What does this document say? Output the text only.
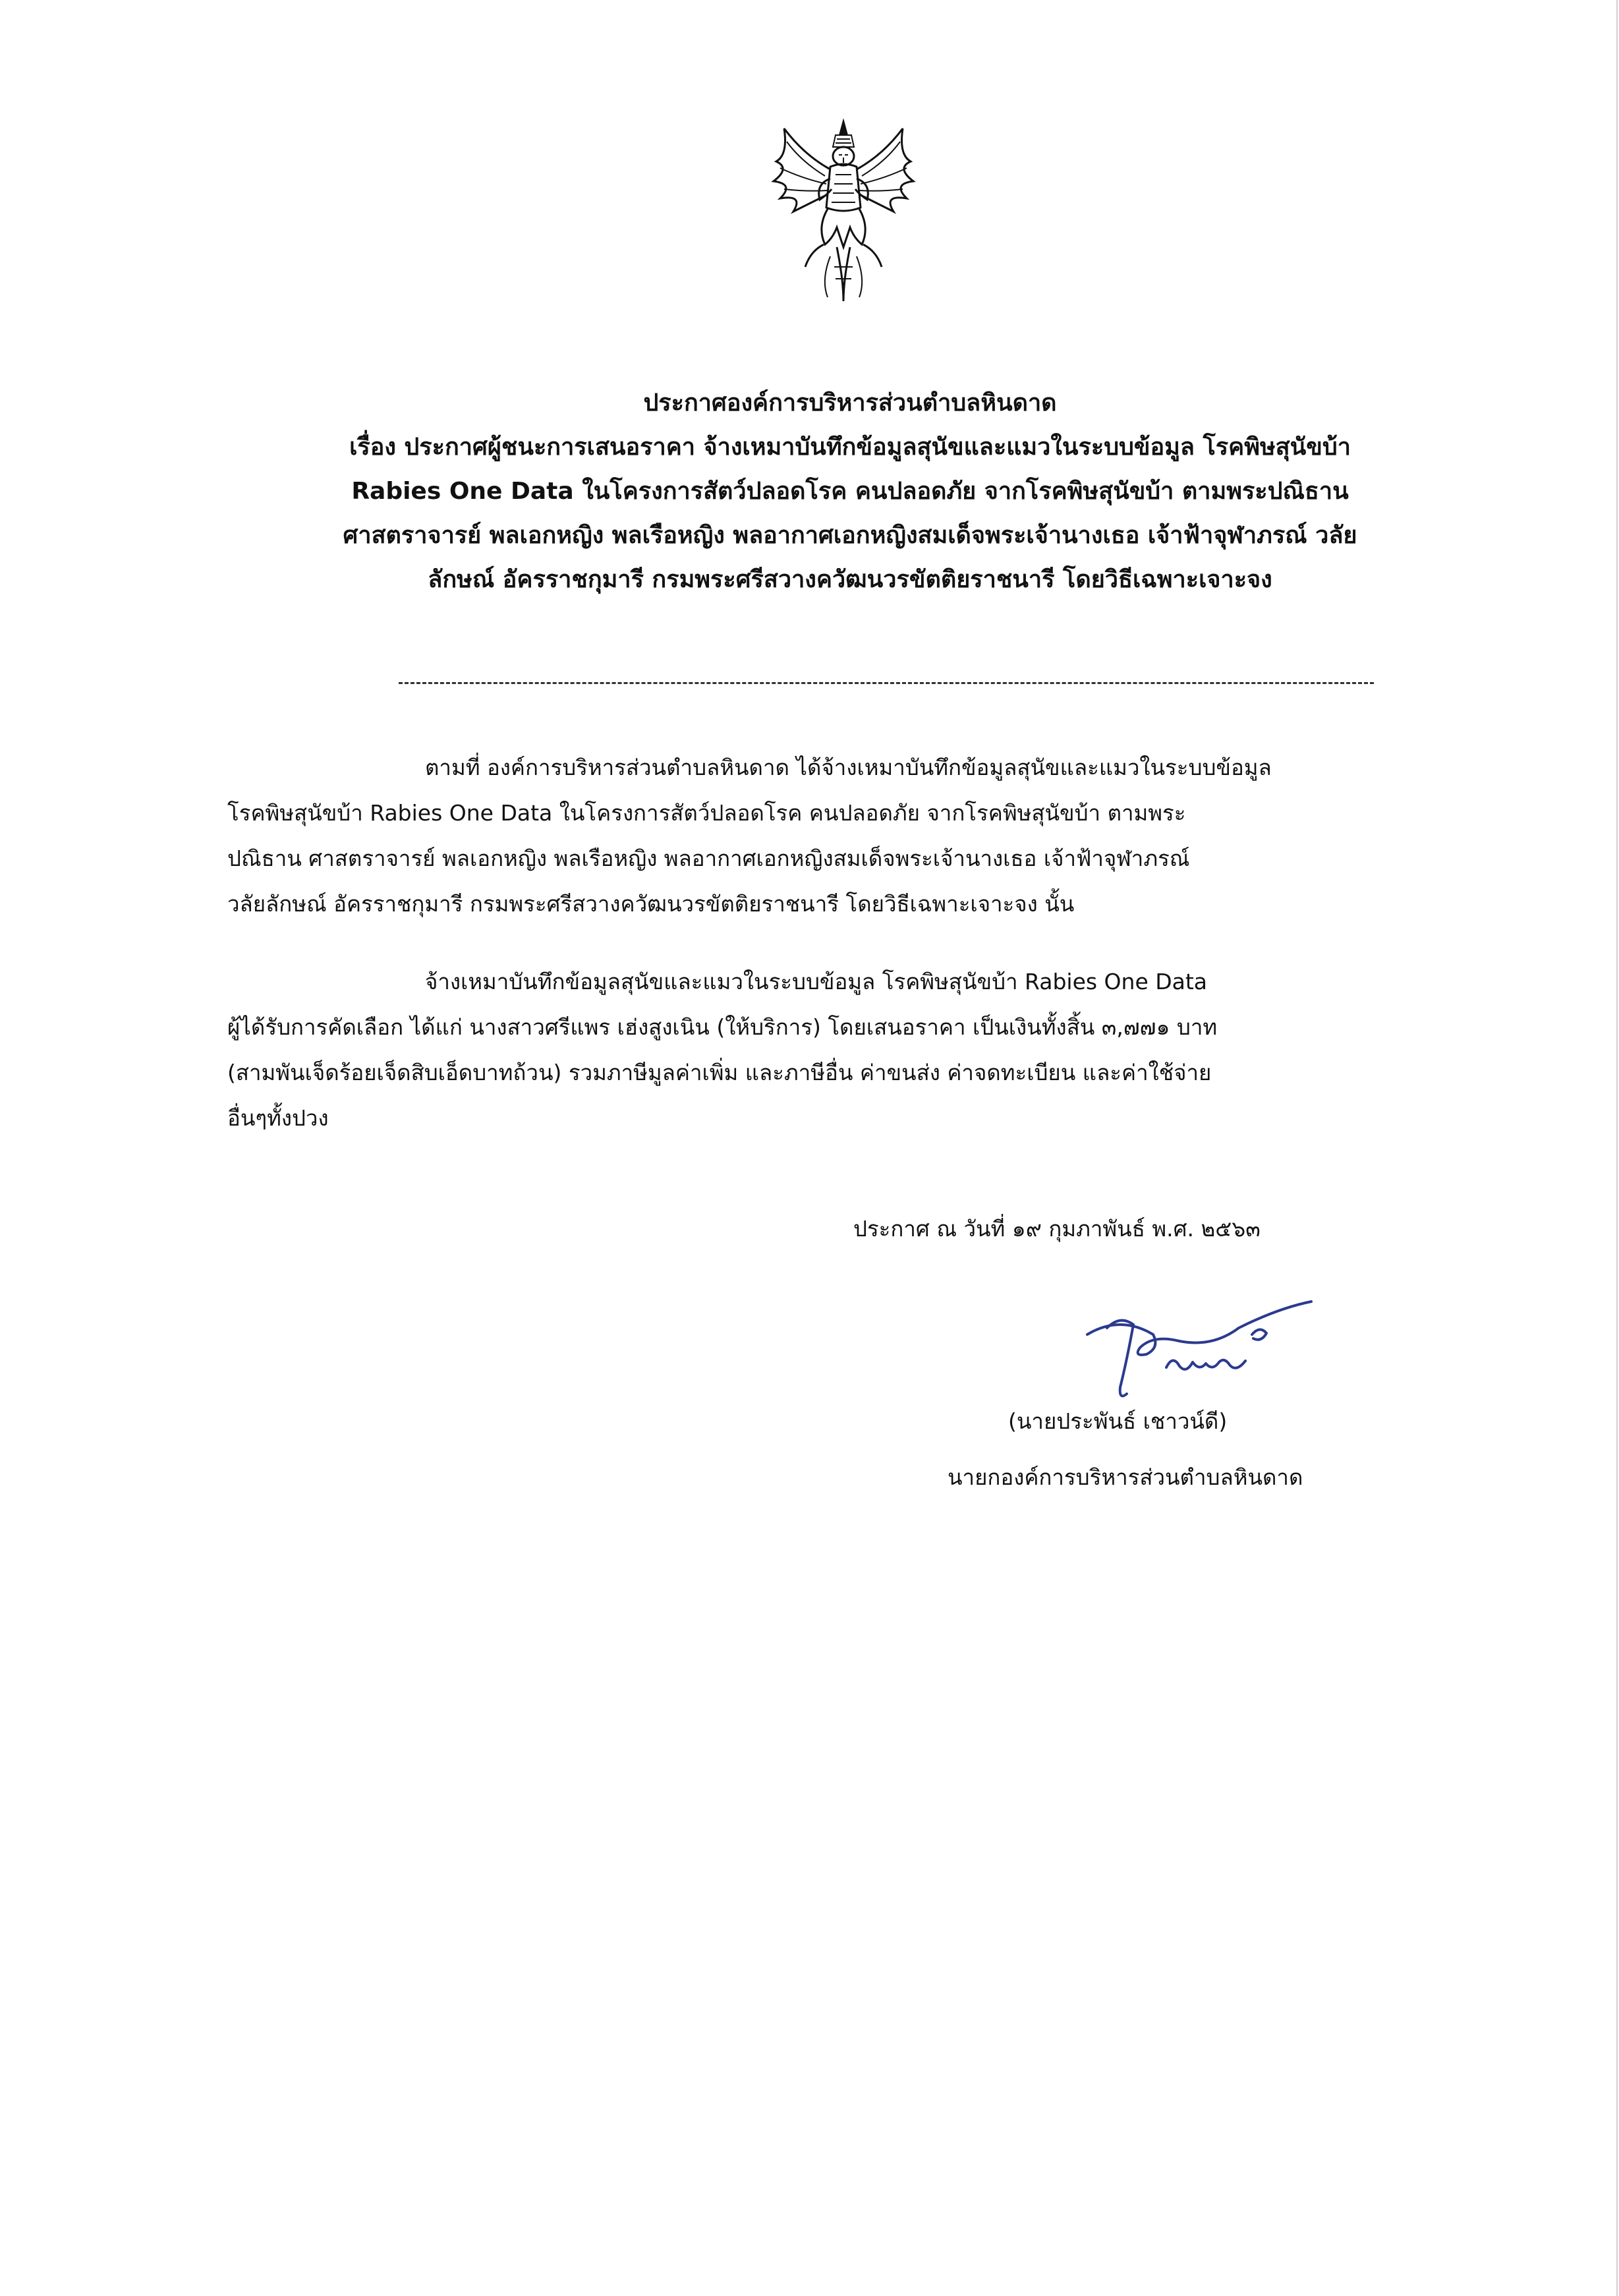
ประกาศองค์การบริหารส่วนตำบลหินดาด
เรื่อง ประกาศผู้ชนะการเสนอราคา จ้างเหมาบันทึกข้อมูลสุนัขและแมวในระบบข้อมูล โรคพิษสุนัขบ้า
Rabies One Data ในโครงการสัตว์ปลอดโรค คนปลอดภัย จากโรคพิษสุนัขบ้า ตามพระปณิธาน
ศาสตราจารย์ พลเอกหญิง พลเรือหญิง พลอากาศเอกหญิงสมเด็จพระเจ้านางเธอ เจ้าฟ้าจุฬาภรณ์ วลัย
ลักษณ์ อัครราชกุมารี กรมพระศรีสวางควัฒนวรขัตติยราชนารี โดยวิธีเฉพาะเจาะจง
ตามที่ องค์การบริหารส่วนตำบลหินดาด ได้จ้างเหมาบันทึกข้อมูลสุนัขและแมวในระบบข้อมูล
โรคพิษสุนัขบ้า Rabies One Data ในโครงการสัตว์ปลอดโรค คนปลอดภัย จากโรคพิษสุนัขบ้า ตามพระ
ปณิธาน ศาสตราจารย์ พลเอกหญิง พลเรือหญิง พลอากาศเอกหญิงสมเด็จพระเจ้านางเธอ เจ้าฟ้าจุฬาภรณ์
วลัยลักษณ์ อัครราชกุมารี กรมพระศรีสวางควัฒนวรขัตติยราชนารี โดยวิธีเฉพาะเจาะจง นั้น
จ้างเหมาบันทึกข้อมูลสุนัขและแมวในระบบข้อมูล โรคพิษสุนัขบ้า Rabies One Data
ผู้ได้รับการคัดเลือก ได้แก่ นางสาวศรีแพร เฮ่งสูงเนิน (ให้บริการ) โดยเสนอราคา เป็นเงินทั้งสิ้น ๓,๗๗๑ บาท
(สามพันเจ็ดร้อยเจ็ดสิบเอ็ดบาทถ้วน) รวมภาษีมูลค่าเพิ่ม และภาษีอื่น ค่าขนส่ง ค่าจดทะเบียน และค่าใช้จ่าย
อื่นๆทั้งปวง
ประกาศ ณ วันที่ ๑๙ กุมภาพันธ์ พ.ศ. ๒๕๖๓
(นายประพันธ์ เชาวน์ดี)
นายกองค์การบริหารส่วนตำบลหินดาด
